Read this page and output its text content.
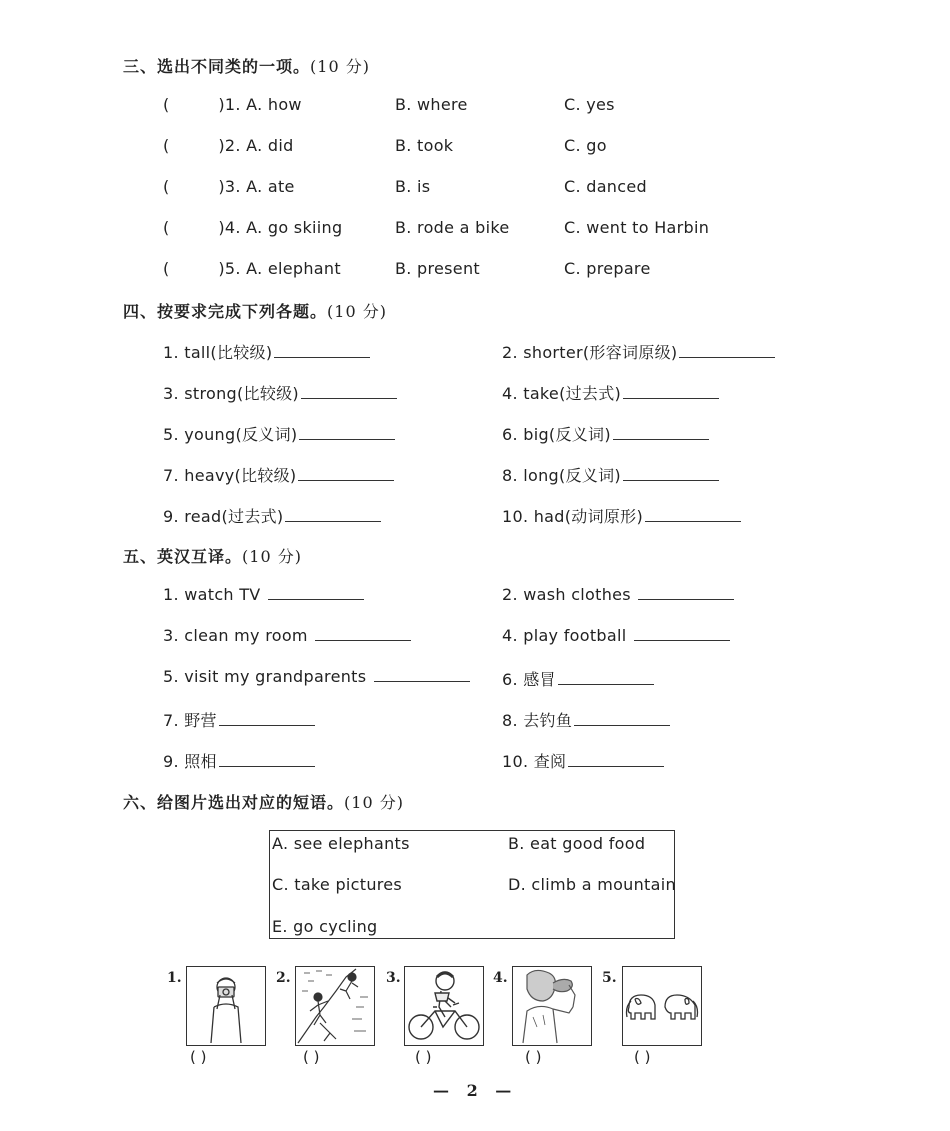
三、选出不同类的一项。(10 分)
(	)1. A. how	B. where	C. yes
(	)2. A. did	B. took	C. go
(	)3. A. ate	B. is	C. danced
(	)4. A. go skiing	B. rode a bike	C. went to Harbin
(	)5. A. elephant	B. present	C. prepare
四、按要求完成下列各题。(10 分)
1. tall(比较级)	2. shorter(形容词原级)
3. strong(比较级)	4. take(过去式)
5. young(反义词)	6. big(反义词)
7. heavy(比较级)	8. long(反义词)
9. read(过去式)	10. had(动词原形)
五、英汉互译。(10 分)
1. watch TV	2. wash clothes
3. clean my room	4. play football
5. visit my grandparents	6. 感冒
7. 野营	8. 去钓鱼
9. 照相	10. 查阅
六、给图片选出对应的短语。(10 分)
A. see elephants	B. eat good food
C. take pictures	D. climb a mountain
E. go cycling
1.
( )
2.
( )
3.
( )
4.
( )
5.
( )
— 2 —
